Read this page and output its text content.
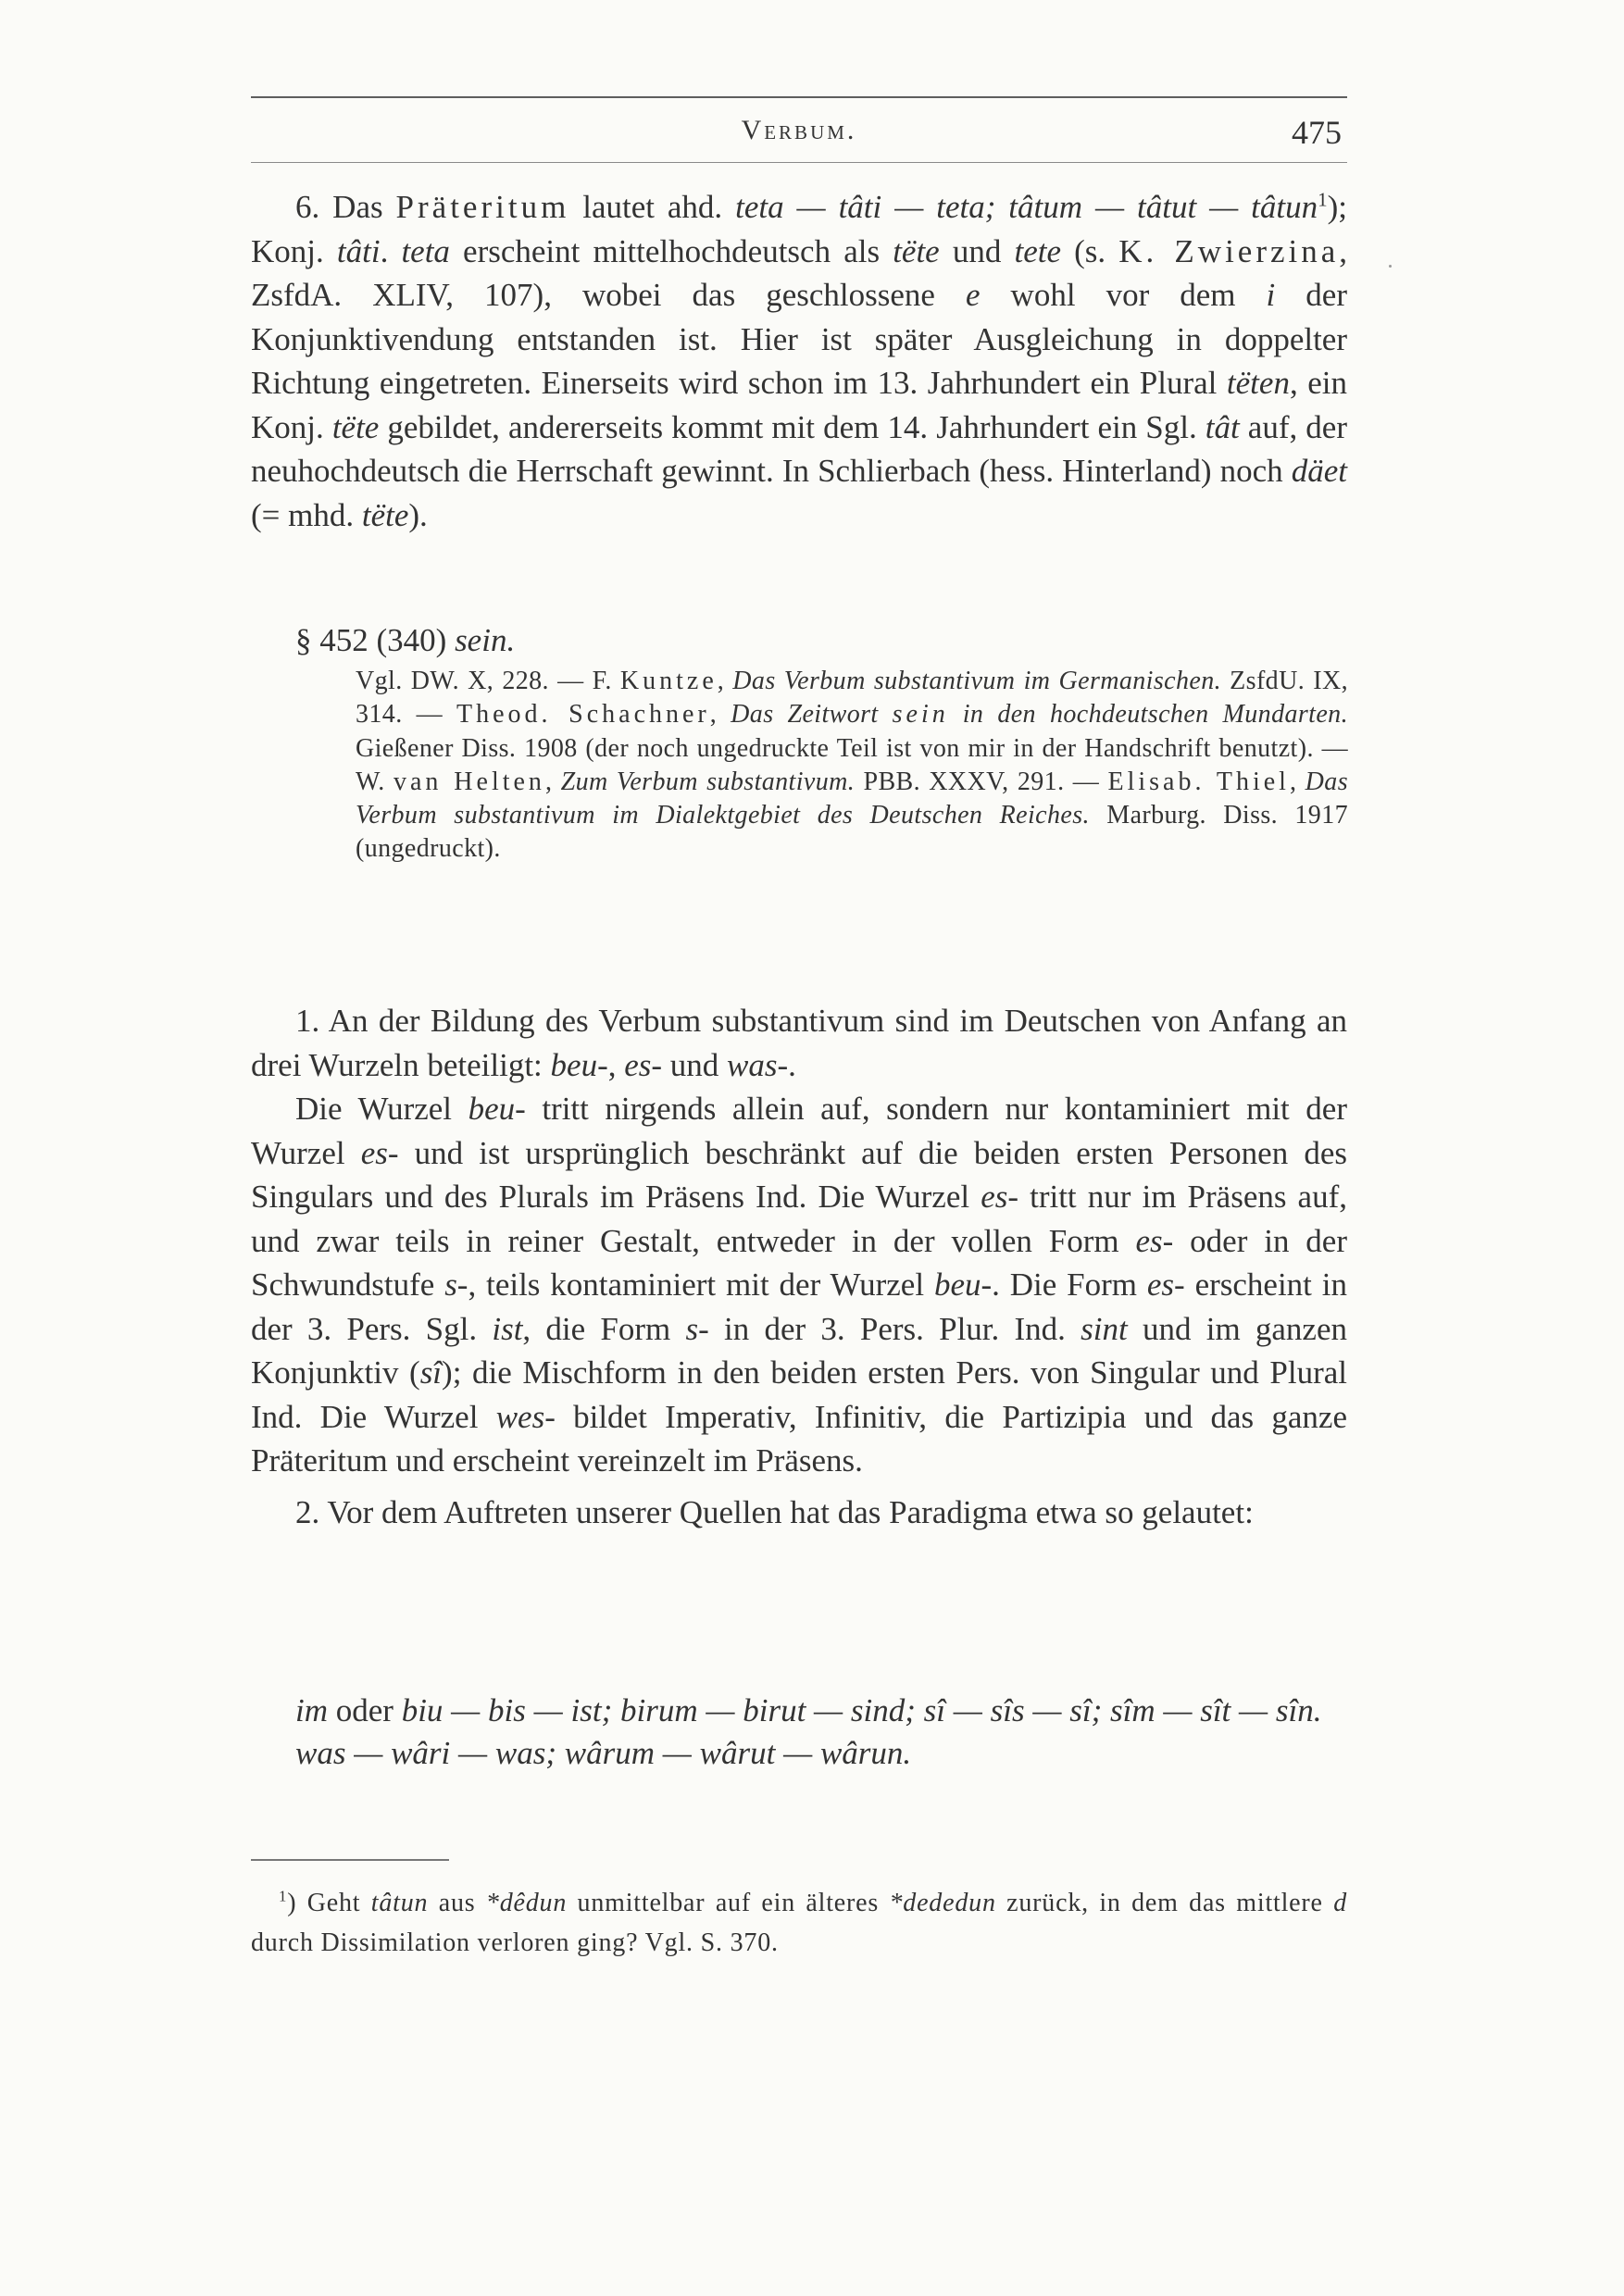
Verbum.	475

6. Das Präteritum lautet ahd. teta — tâti — teta; tâtum — tâtut — tâtun$^1$); Konj. tâti. teta erscheint mittelhochdeutsch als tëte und tete (s. K. Zwierzina, ZsfdA. XLIV, 107), wobei das geschlossene e wohl vor dem i der Konjunktivendung entstanden ist. Hier ist später Ausgleichung in doppelter Richtung eingetreten. Einerseits wird schon im 13. Jahrhundert ein Plural tëten, ein Konj. tëte gebildet, andererseits kommt mit dem 14. Jahrhundert ein Sgl. tât auf, der neuhochdeutsch die Herrschaft gewinnt. In Schlierbach (hess. Hinterland) noch däet (= mhd. tëte).

§ 452 (340) sein.

Vgl. DW. X, 228. — F. Kuntze, Das Verbum substantivum im Germanischen. ZsfdU. IX, 314. — Theod. Schachner, Das Zeitwort sein in den hochdeutschen Mundarten. Gießener Diss. 1908 (der noch ungedruckte Teil ist von mir in der Handschrift benutzt). — W. van Helten, Zum Verbum substantivum. PBB. XXXV, 291. — Elisab. Thiel, Das Verbum substantivum im Dialektgebiet des Deutschen Reiches. Marburg. Diss. 1917 (ungedruckt).

1. An der Bildung des Verbum substantivum sind im Deutschen von Anfang an drei Wurzeln beteiligt: beu-, es- und was-.

Die Wurzel beu- tritt nirgends allein auf, sondern nur kontaminiert mit der Wurzel es- und ist ursprünglich beschränkt auf die beiden ersten Personen des Singulars und des Plurals im Präsens Ind. Die Wurzel es- tritt nur im Präsens auf, und zwar teils in reiner Gestalt, entweder in der vollen Form es- oder in der Schwundstufe s-, teils kontaminiert mit der Wurzel beu-. Die Form es- erscheint in der 3. Pers. Sgl. ist, die Form s- in der 3. Pers. Plur. Ind. sint und im ganzen Konjunktiv (sî); die Mischform in den beiden ersten Pers. von Singular und Plural Ind. Die Wurzel wes- bildet Imperativ, Infinitiv, die Partizipia und das ganze Präteritum und erscheint vereinzelt im Präsens.

2. Vor dem Auftreten unserer Quellen hat das Paradigma etwa so gelautet:

im oder biu — bis — ist; birum — birut — sind; sî — sîs — sî; sîm — sît — sîn.

was — wâri — was; wârum — wârut — wârun.

$^1$) Geht tâtun aus *dêdun unmittelbar auf ein älteres *dededun zurück, in dem das mittlere d durch Dissimilation verloren ging? Vgl. S. 370.
